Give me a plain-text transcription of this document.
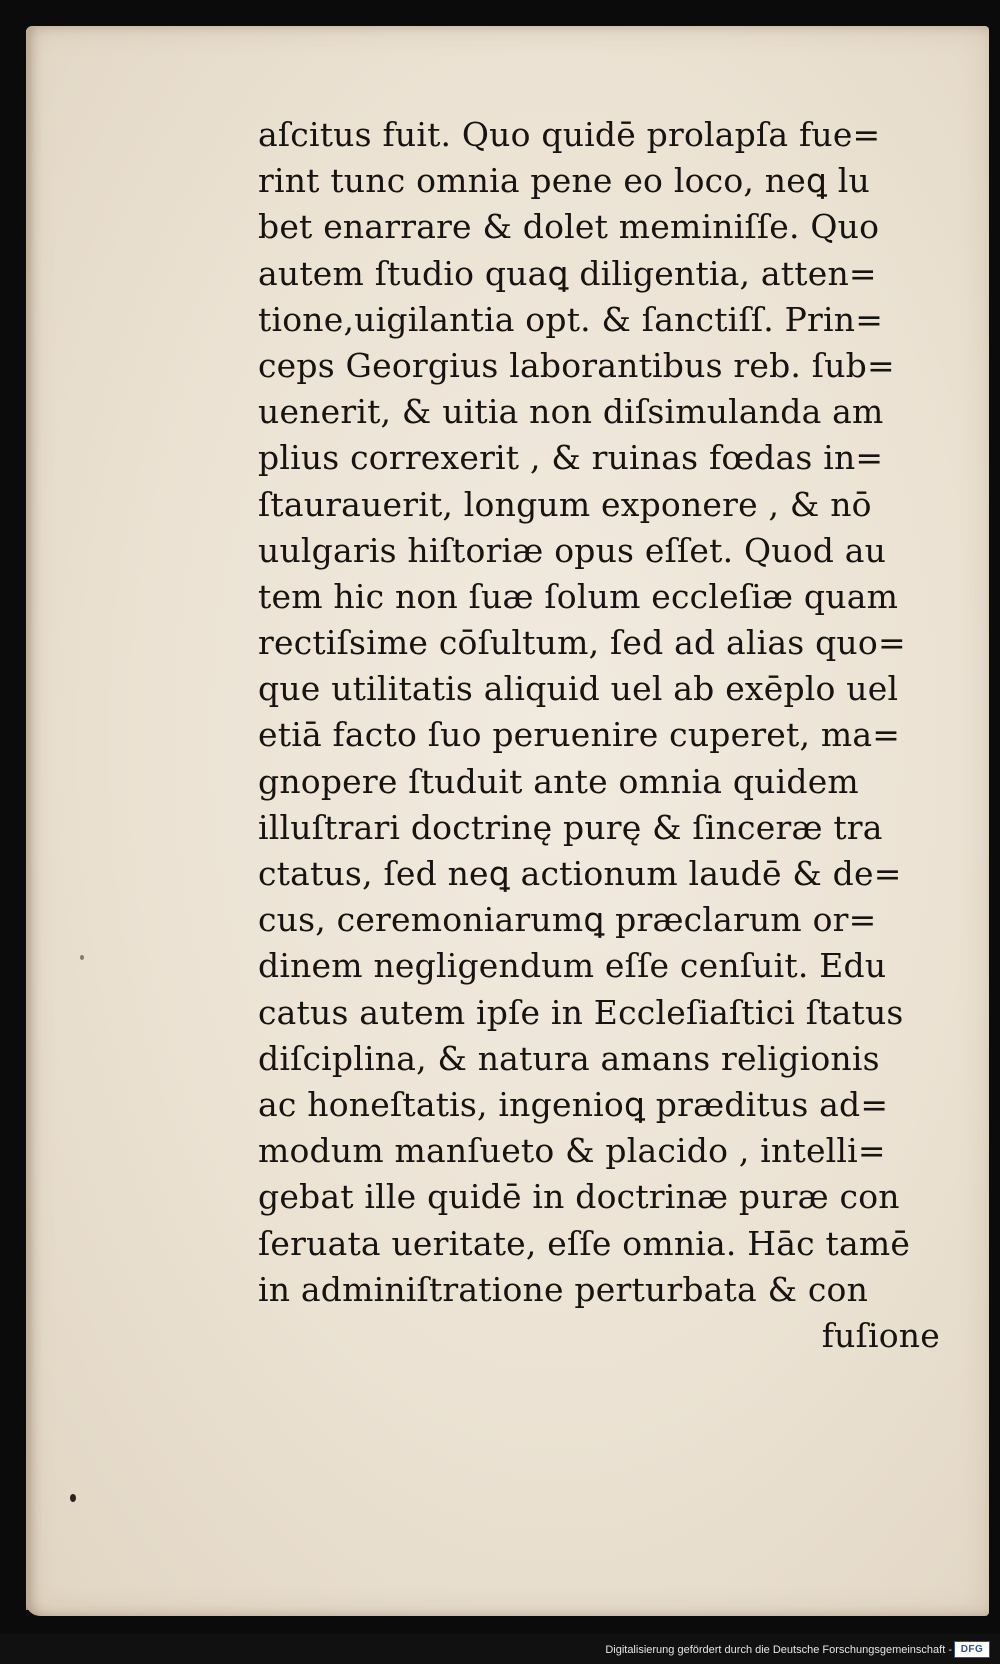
aſcitus fuit. Quo quidē prolapſa fue=
rint tunc omnia pene eo loco, neꝗ lu
bet enarrare & dolet meminiſſe. Quo
autem ſtudio quaꝗ diligentia, atten=
tione,uigilantia opt. & ſanctiſſ. Prin=
ceps Georgius laborantibus reb. ſub=
uenerit, & uitia non diſsimulanda am
plius correxerit , & ruinas fœdas in=
ſtaurauerit, longum exponere , & nō
uulgaris hiſtoriæ opus eſſet. Quod au
tem hic non ſuæ ſolum eccleſiæ quam
rectiſsime cōſultum, ſed ad alias quo=
que utilitatis aliquid uel ab exēplo uel
etiā facto ſuo peruenire cuperet, ma=
gnopere ſtuduit ante omnia quidem
illuſtrari doctrinę purę & ſinceræ tra
ctatus, ſed neꝗ actionum laudē & de=
cus, ceremoniarumꝗ præclarum or=
dinem negligendum eſſe cenſuit. Edu
catus autem ipſe in Eccleſiaſtici ſtatus
diſciplina, & natura amans religionis
ac honeſtatis, ingenioꝗ præditus ad=
modum manſueto & placido , intelli=
gebat ille quidē in doctrinæ puræ con
ſeruata ueritate, eſſe omnia. Hāc tamē
in adminiſtratione perturbata & con
fuſione
Digitalisierung gefördert durch die Deutsche Forschungsgemeinschaft - DFG
